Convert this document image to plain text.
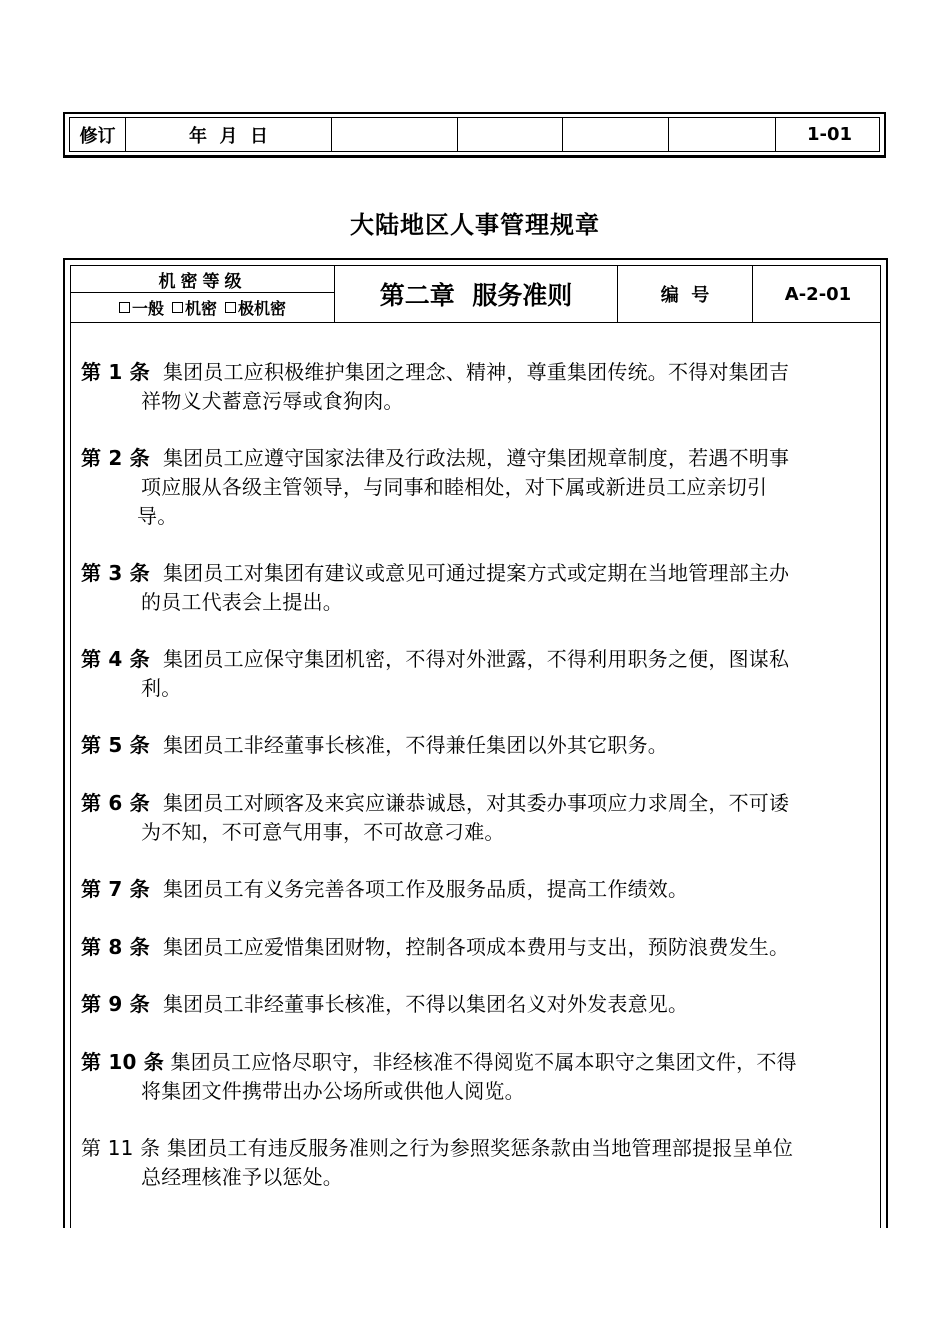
修订	年  月  日	1-01
大陆地区人事管理规章
机密等级
一般 机密 极机密	第二章  服务准则	编  号	A-2-01
第 1 条 集团员工应积极维护集团之理念、精神，尊重集团传统。不得对集团吉
祥物义犬蓄意污辱或食狗肉。
第 2 条 集团员工应遵守国家法律及行政法规，遵守集团规章制度，若遇不明事
项应服从各级主管领导，与同事和睦相处，对下属或新进员工应亲切引
导。
第 3 条 集团员工对集团有建议或意见可通过提案方式或定期在当地管理部主办
的员工代表会上提出。
第 4 条 集团员工应保守集团机密，不得对外泄露，不得利用职务之便，图谋私
利。
第 5 条 集团员工非经董事长核准，不得兼任集团以外其它职务。
第 6 条 集团员工对顾客及来宾应谦恭诚恳，对其委办事项应力求周全，不可诿
为不知，不可意气用事，不可故意刁难。
第 7 条 集团员工有义务完善各项工作及服务品质，提高工作绩效。
第 8 条 集团员工应爱惜集团财物，控制各项成本费用与支出，预防浪费发生。
第 9 条 集团员工非经董事长核准，不得以集团名义对外发表意见。
第 10 条 集团员工应恪尽职守，非经核准不得阅览不属本职守之集团文件，不得
将集团文件携带出办公场所或供他人阅览。
第 11 条 集团员工有违反服务准则之行为参照奖惩条款由当地管理部提报呈单位
总经理核准予以惩处。
